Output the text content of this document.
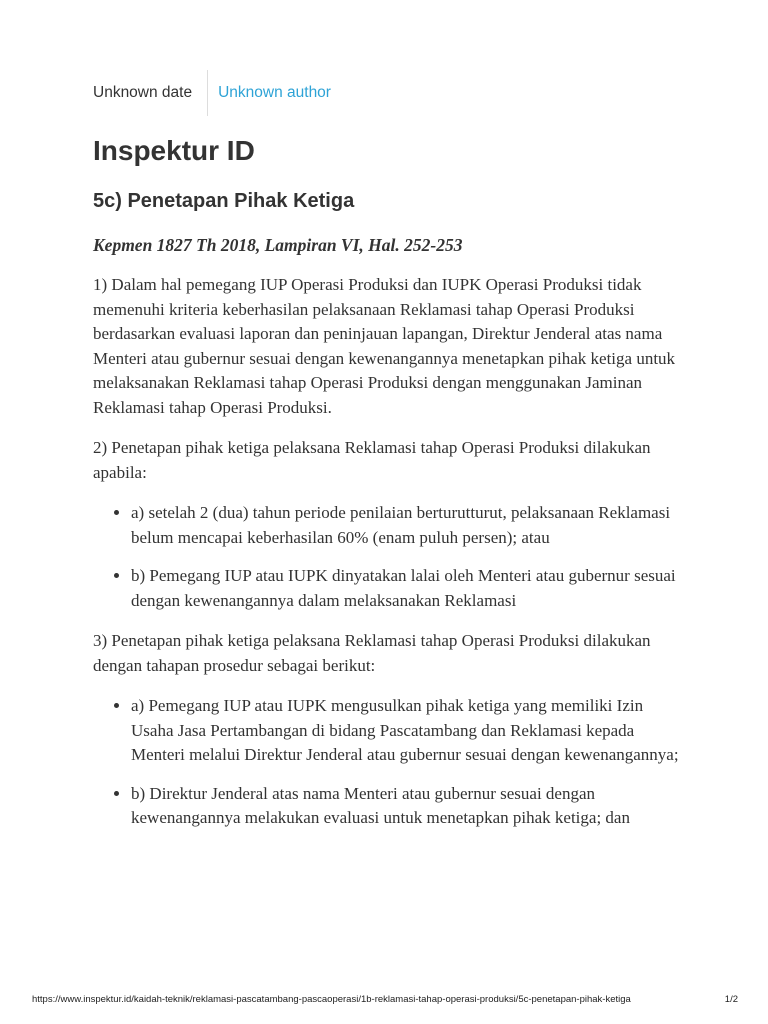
Unknown date	Unknown author
Inspektur ID
5c) Penetapan Pihak Ketiga

Kepmen 1827 Th 2018, Lampiran VI, Hal. 252-253

1) Dalam hal pemegang IUP Operasi Produksi dan IUPK Operasi Produksi tidak memenuhi kriteria keberhasilan pelaksanaan Reklamasi tahap Operasi Produksi berdasarkan evaluasi laporan dan peninjauan lapangan, Direktur Jenderal atas nama Menteri atau gubernur sesuai dengan kewenangannya menetapkan pihak ketiga untuk melaksanakan Reklamasi tahap Operasi Produksi dengan menggunakan Jaminan Reklamasi tahap Operasi Produksi.

2) Penetapan pihak ketiga pelaksana Reklamasi tahap Operasi Produksi dilakukan apabila:

• a) setelah 2 (dua) tahun periode penilaian berturutturut, pelaksanaan Reklamasi belum mencapai keberhasilan 60% (enam puluh persen); atau
• b) Pemegang IUP atau IUPK dinyatakan lalai oleh Menteri atau gubernur sesuai dengan kewenangannya dalam melaksanakan Reklamasi

3) Penetapan pihak ketiga pelaksana Reklamasi tahap Operasi Produksi dilakukan dengan tahapan prosedur sebagai berikut:

• a) Pemegang IUP atau IUPK mengusulkan pihak ketiga yang memiliki Izin Usaha Jasa Pertambangan di bidang Pascatambang dan Reklamasi kepada Menteri melalui Direktur Jenderal atau gubernur sesuai dengan kewenangannya;
• b) Direktur Jenderal atas nama Menteri atau gubernur sesuai dengan kewenangannya melakukan evaluasi untuk menetapkan pihak ketiga; dan
https://www.inspektur.id/kaidah-teknik/reklamasi-pascatambang-pascaoperasi/1b-reklamasi-tahap-operasi-produksi/5c-penetapan-pihak-ketiga	1/2
